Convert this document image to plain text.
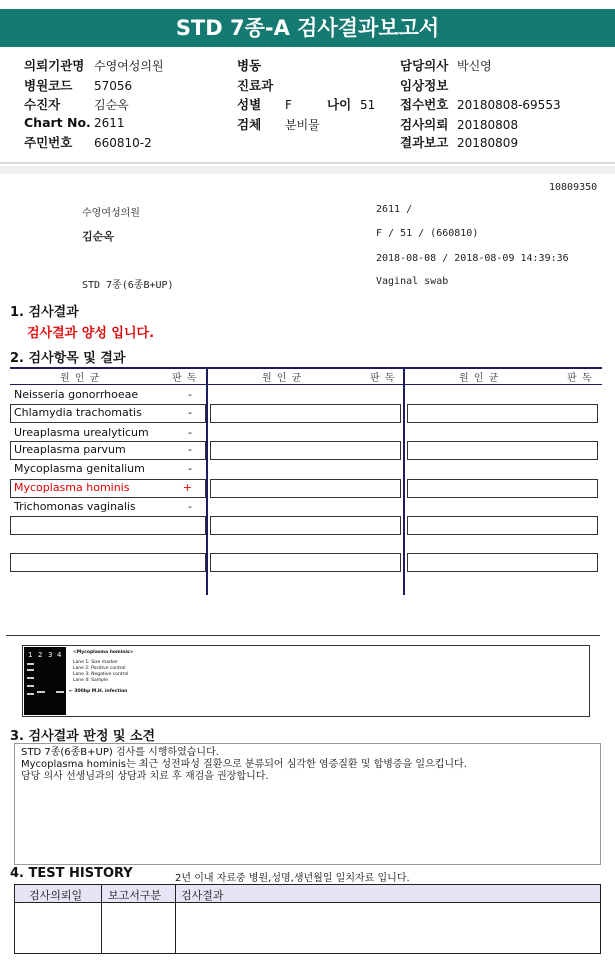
STD 7종-A 검사결과보고서
의뢰기관명 수영여성의원
병원코드 57056
수진자	김순옥
Chart No. 2611
주민번호 660810-2
병동
진료과
성별 F	나이 51
검체 분비물
담당의사 박신영
임상정보
접수번호 20180808-69553
검사의뢰 20180808
결과보고 20180809
10809350
수영여성의원	2611 /
김순옥	F / 51 / (660810)
2018-08-08 / 2018-08-09 14:39:36
STD 7종(6종B+UP)	Vaginal swab
1. 검사결과
검사결과 양성 입니다.
2. 검사항목 및 결과
원 인 균	판 독	원 인 균	판 독	원 인 균	판 독
Neisseria gonorrhoeae	-
Chlamydia trachomatis	-
Ureaplasma urealyticum	-
Ureaplasma parvum	-
Mycoplasma genitalium	-
Mycoplasma hominis	+
Trichomonas vaginalis	-
1 2 3 4	<Mycoplasma hominis>
Lane 1: Size marker
Lane 2: Positive control
Lane 3: Negative control
Lane 4: Sample
← 300bp M.H. infection
3. 검사결과 판정 및 소견
STD 7종(6종B+UP) 검사를 시행하였습니다.
Mycoplasma hominis는 최근 성전파성 질환으로 분류되어 심각한 염증질환 및 합병증을 일으킵니다.
담당 의사 선생님과의 상담과 치료 후 재검을 권장합니다.
4. TEST HISTORY	2년 이내 자료중 병원,성명,생년월일 일치자료 입니다.
검사의뢰일 보고서구분 검사결과
